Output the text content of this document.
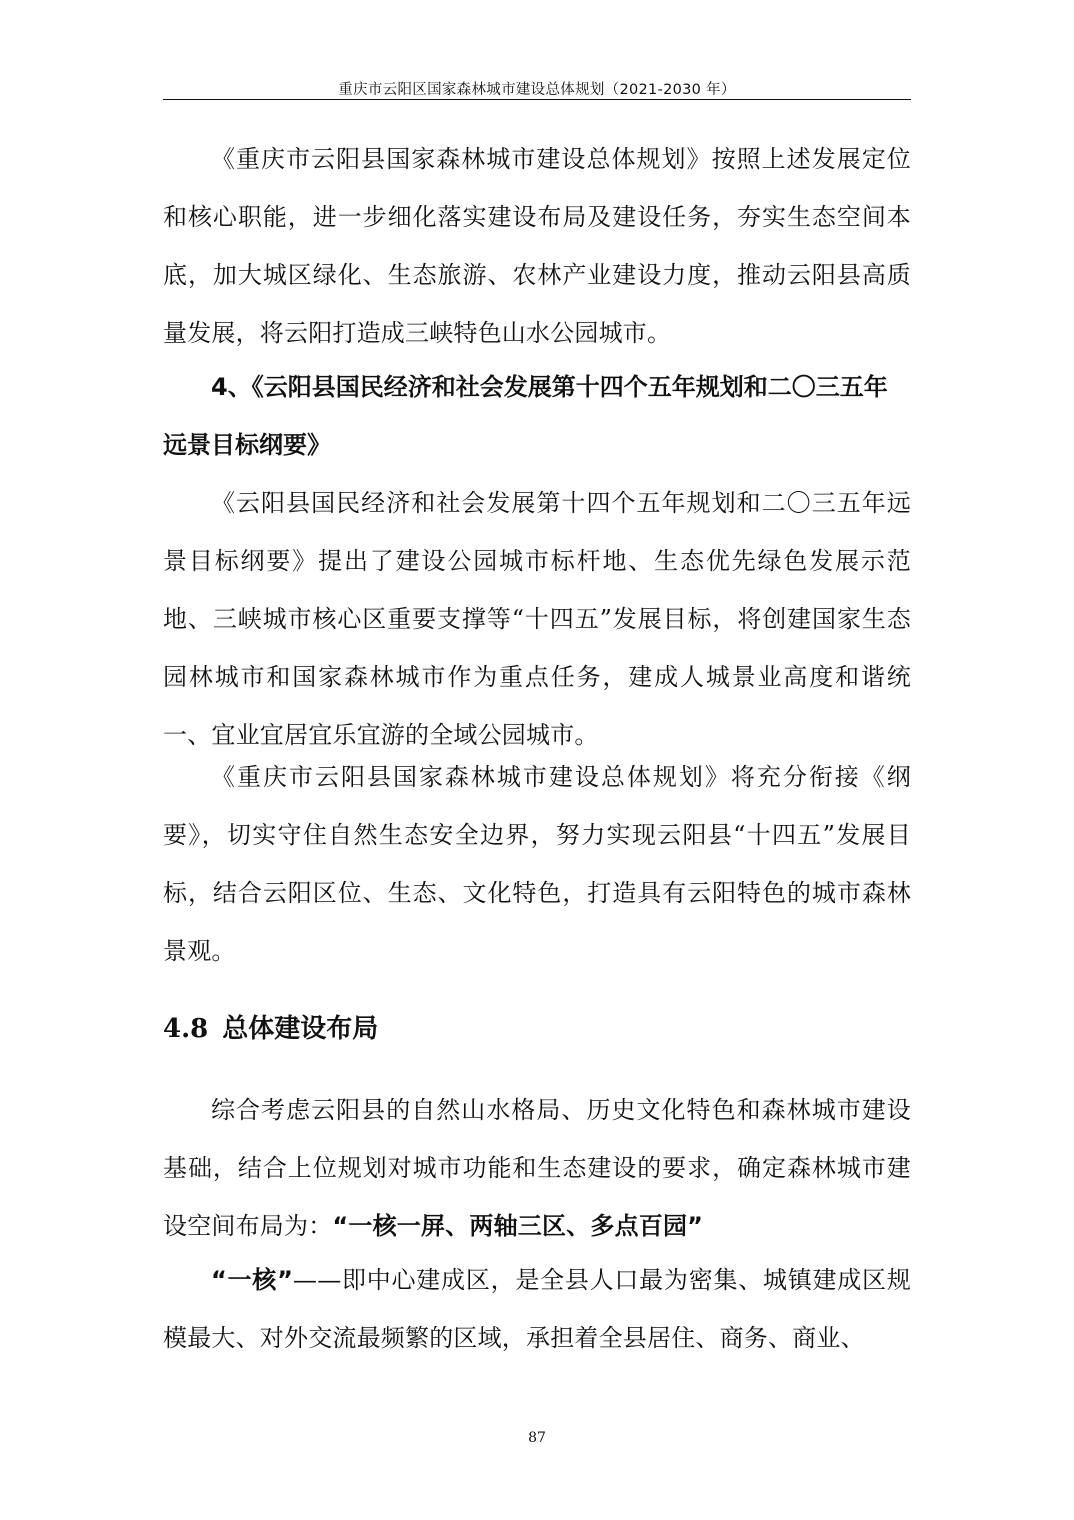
重庆市云阳区国家森林城市建设总体规划（2021-2030 年）

《重庆市云阳县国家森林城市建设总体规划》按照上述发展定位和核心职能，进一步细化落实建设布局及建设任务，夯实生态空间本底，加大城区绿化、生态旅游、农林产业建设力度，推动云阳县高质量发展，将云阳打造成三峡特色山水公园城市。

4、《云阳县国民经济和社会发展第十四个五年规划和二〇三五年远景目标纲要》

《云阳县国民经济和社会发展第十四个五年规划和二〇三五年远景目标纲要》提出了建设公园城市标杆地、生态优先绿色发展示范地、三峡城市核心区重要支撑等“十四五”发展目标，将创建国家生态园林城市和国家森林城市作为重点任务，建成人城景业高度和谐统一、宜业宜居宜乐宜游的全域公园城市。

《重庆市云阳县国家森林城市建设总体规划》将充分衔接《纲要》，切实守住自然生态安全边界，努力实现云阳县“十四五”发展目标，结合云阳区位、生态、文化特色，打造具有云阳特色的城市森林景观。

4.8 总体建设布局

综合考虑云阳县的自然山水格局、历史文化特色和森林城市建设基础，结合上位规划对城市功能和生态建设的要求，确定森林城市建设空间布局为：“一核一屏、两轴三区、多点百园”

“一核”——即中心建成区，是全县人口最为密集、城镇建成区规模最大、对外交流最频繁的区域，承担着全县居住、商务、商业、

87
